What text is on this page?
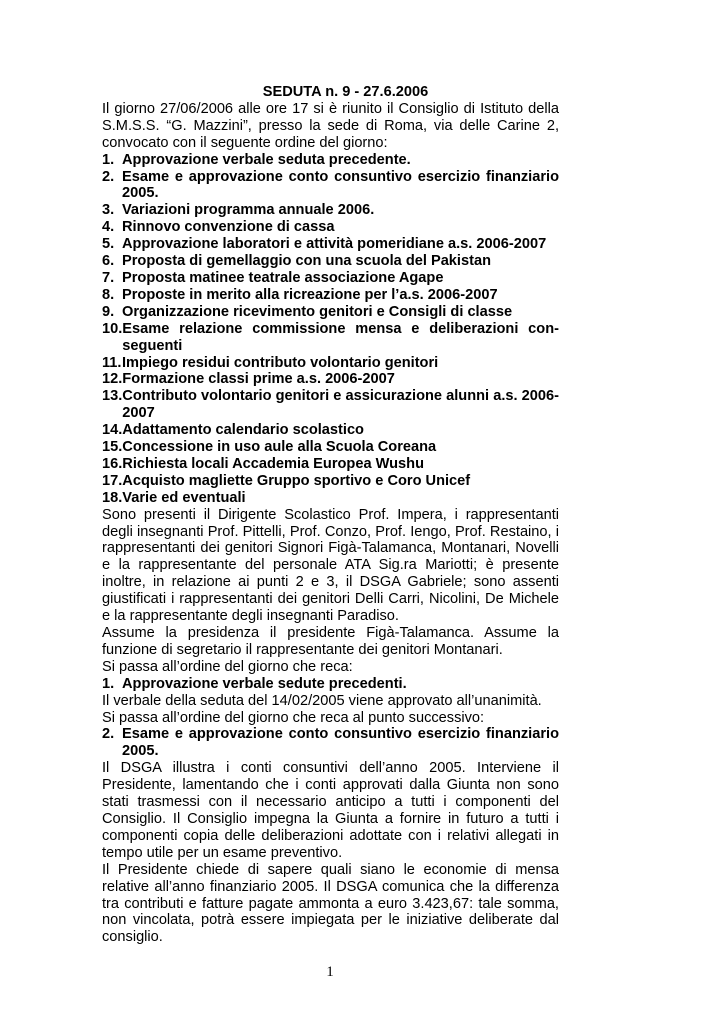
SEDUTA n. 9 - 27.6.2006

Il giorno 27/06/2006 alle ore 17 si è riunito il Consiglio di Istituto della S.M.S.S. “G. Mazzini”, presso la sede di Roma, via delle Carine 2, convocato con il seguente ordine del giorno:

1. Approvazione verbale seduta precedente.
2. Esame e approvazione conto consuntivo esercizio finanziario 2005.
3. Variazioni programma annuale 2006.
4. Rinnovo convenzione di cassa
5. Approvazione laboratori e attività pomeridiane a.s. 2006-2007
6. Proposta di gemellaggio con una scuola del Pakistan
7. Proposta matinee teatrale associazione Agape
8. Proposte in merito alla ricreazione per l’a.s. 2006-2007
9. Organizzazione ricevimento genitori e Consigli di classe
10. Esame relazione commissione mensa e deliberazioni con-seguenti
11. Impiego residui contributo volontario genitori
12. Formazione classi prime a.s. 2006-2007
13. Contributo volontario genitori e assicurazione alunni a.s. 2006-2007
14. Adattamento calendario scolastico
15. Concessione in uso aule alla Scuola Coreana
16. Richiesta locali Accademia Europea Wushu
17. Acquisto magliette Gruppo sportivo e Coro Unicef
18. Varie ed eventuali

Sono presenti il Dirigente Scolastico Prof. Impera, i rappresentanti degli insegnanti Prof. Pittelli, Prof. Conzo, Prof. Iengo, Prof. Restaino, i rappresentanti dei genitori Signori Figà-Talamanca, Montanari, Novelli e la rappresentante del personale ATA Sig.ra Mariotti; è presente inoltre, in relazione ai punti 2 e 3, il DSGA Gabriele; sono assenti giustificati i rappresentanti dei genitori Delli Carri, Nicolini, De Michele e la rappresentante degli insegnanti Paradiso.

Assume la presidenza il presidente Figà-Talamanca. Assume la funzione di segretario il rappresentante dei genitori Montanari.

Si passa all’ordine del giorno che reca:

1. Approvazione verbale sedute precedenti.

Il verbale della seduta del 14/02/2005 viene approvato all’unanimità.

Si passa all’ordine del giorno che reca al punto successivo:

2. Esame e approvazione conto consuntivo esercizio finanziario 2005.

Il DSGA illustra i conti consuntivi dell’anno 2005. Interviene il Presidente, lamentando che i conti approvati dalla Giunta non sono stati trasmessi con il necessario anticipo a tutti i componenti del Consiglio. Il Consiglio impegna la Giunta a fornire in futuro a tutti i componenti copia delle deliberazioni adottate con i relativi allegati in tempo utile per un esame preventivo.

Il Presidente chiede di sapere quali siano le economie di mensa relative all’anno finanziario 2005. Il DSGA comunica che la differenza tra contributi e fatture pagate ammonta a euro 3.423,67: tale somma, non vincolata, potrà essere impiegata per le iniziative deliberate dal consiglio.

1
